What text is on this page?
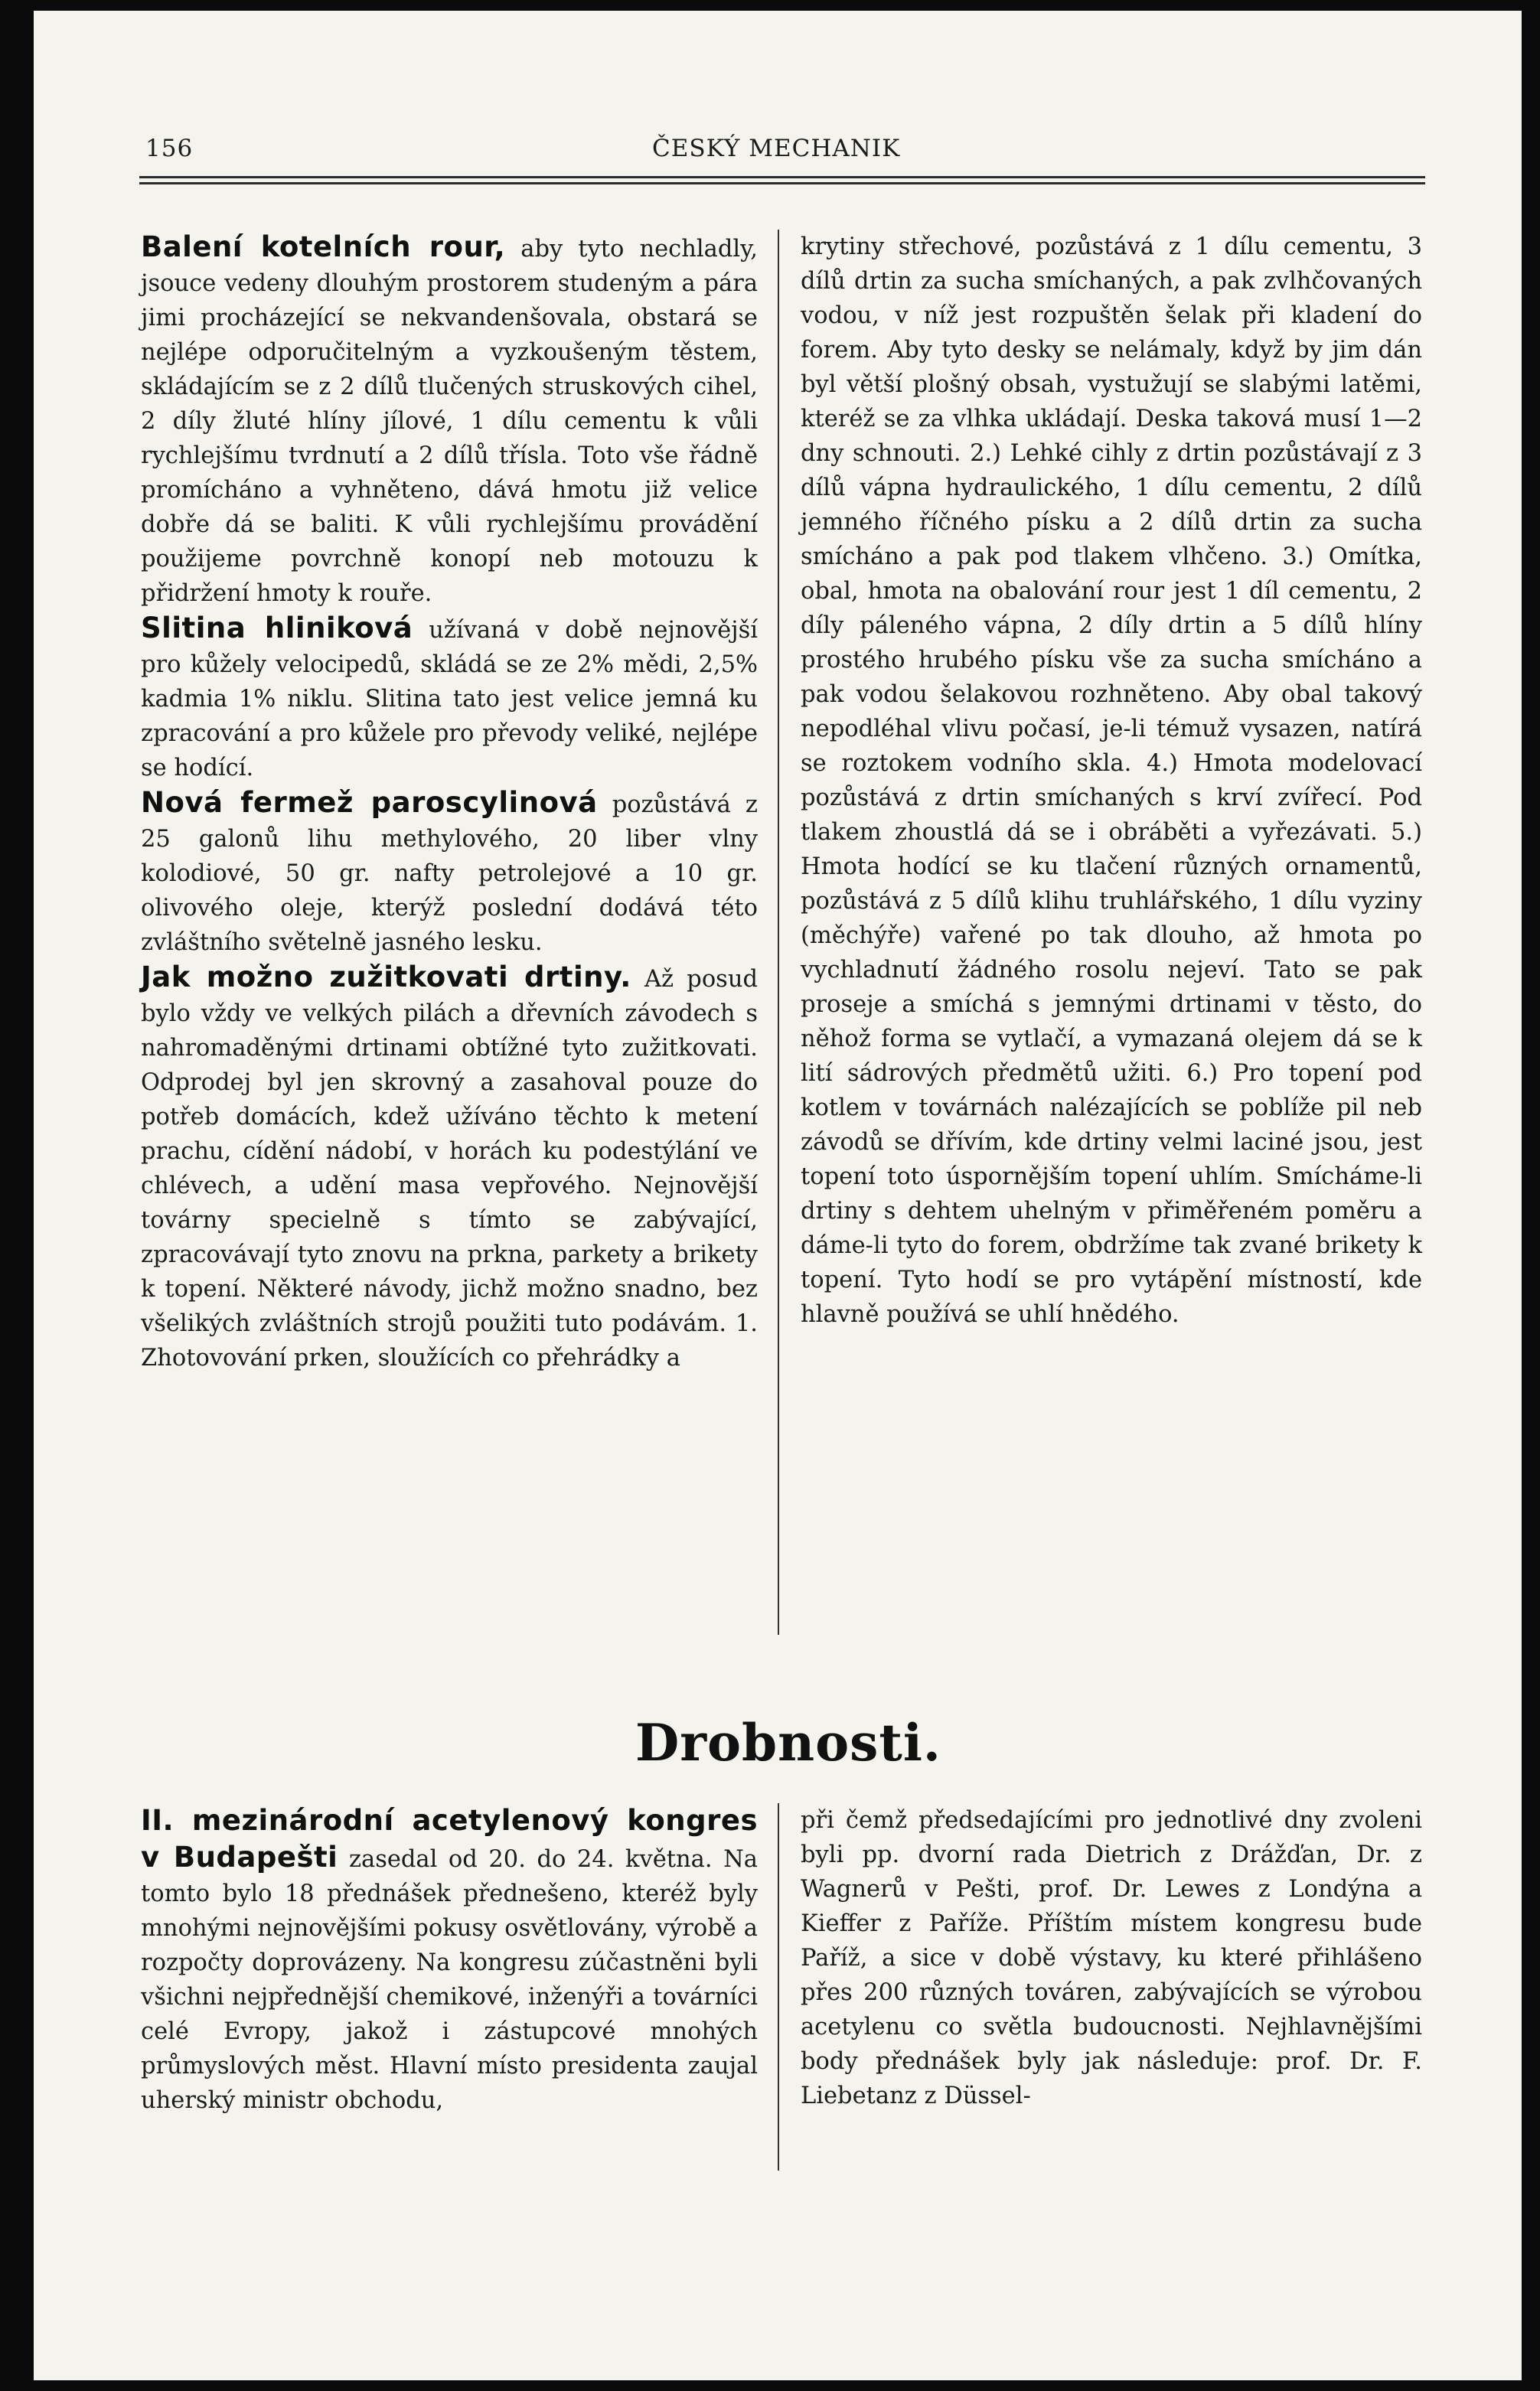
156	ČESKÝ MECHANIK

Balení kotelních rour, aby tyto nechladly, jsouce vedeny dlouhým prostorem studeným a pára jimi procházející se nekvandenšovala, obstará se nejlépe odporučitelným a vyzkoušeným těstem, skládajícím se z 2 dílů tlučených struskových cihel, 2 díly žluté hlíny jílové, 1 dílu cementu k vůli rychlejšímu tvrdnutí a 2 dílů třísla. Toto vše řádně promícháno a vyhněteno, dává hmotu již velice dobře dá se baliti. K vůli rychlejšímu provádění použijeme povrchně konopí neb motouzu k přidržení hmoty k rouře.

Slitina hliniková užívaná v době nejnovější pro kůžely velocipedů, skládá se ze 2% mědi, 2,5% kadmia 1% niklu. Slitina tato jest velice jemná ku zpracování a pro kůžele pro převody veliké, nejlépe se hodící.

Nová fermež paroscylinová pozůstává z 25 galonů lihu methylového, 20 liber vlny kolodiové, 50 gr. nafty petrolejové a 10 gr. olivového oleje, kterýž poslední dodává této zvláštního světelně jasného lesku.

Jak možno zužitkovati drtiny. Až posud bylo vždy ve velkých pilách a dřevních závodech s nahromaděnými drtinami obtížné tyto zužitkovati. Odprodej byl jen skrovný a zasahoval pouze do potřeb domácích, kdež užíváno těchto k metení prachu, cídění nádobí, v horách ku podestýlání ve chlévech, a udění masa vepřového. Nejnovější továrny specielně s tímto se zabývající, zpracovávají tyto znovu na prkna, parkety a brikety k topení. Některé návody, jichž možno snadno, bez všelikých zvláštních strojů použiti tuto podávám. 1. Zhotovování prken, sloužících co přehrádky a

krytiny střechové, pozůstává z 1 dílu cementu, 3 dílů drtin za sucha smíchaných, a pak zvlhčovaných vodou, v níž jest rozpuštěn šelak při kladení do forem. Aby tyto desky se nelámaly, když by jim dán byl větší plošný obsah, vystužují se slabými latěmi, kteréž se za vlhka ukládají. Deska taková musí 1—2 dny schnouti. 2.) Lehké cihly z drtin pozůstávají z 3 dílů vápna hydraulického, 1 dílu cementu, 2 dílů jemného říčného písku a 2 dílů drtin za sucha smícháno a pak pod tlakem vlhčeno. 3.) Omítka, obal, hmota na obalování rour jest 1 díl cementu, 2 díly páleného vápna, 2 díly drtin a 5 dílů hlíny prostého hrubého písku vše za sucha smícháno a pak vodou šelakovou rozhněteno. Aby obal takový nepodléhal vlivu počasí, je-li témuž vysazen, natírá se roztokem vodního skla. 4.) Hmota modelovací pozůstává z drtin smíchaných s krví zvířecí. Pod tlakem zhoustlá dá se i obráběti a vyřezávati. 5.) Hmota hodící se ku tlačení různých ornamentů, pozůstává z 5 dílů klihu truhlářského, 1 dílu vyziny (měchýře) vařené po tak dlouho, až hmota po vychladnutí žádného rosolu nejeví. Tato se pak proseje a smíchá s jemnými drtinami v těsto, do něhož forma se vytlačí, a vymazaná olejem dá se k lití sádrových předmětů užiti. 6.) Pro topení pod kotlem v továrnách nalézajících se poblíže pil neb závodů se dřívím, kde drtiny velmi laciné jsou, jest topení toto úspornějším topení uhlím. Smícháme-li drtiny s dehtem uhelným v přiměřeném poměru a dáme-li tyto do forem, obdržíme tak zvané brikety k topení. Tyto hodí se pro vytápění místností, kde hlavně používá se uhlí hnědého.

Drobnosti.

II. mezinárodní acetylenový kongres v Budapešti zasedal od 20. do 24. května. Na tomto bylo 18 přednášek přednešeno, kteréž byly mnohými nejnovějšími pokusy osvětlovány, výrobě a rozpočty doprovázeny. Na kongresu zúčastněni byli všichni nejpřednější chemikové, inženýři a továrníci celé Evropy, jakož i zástupcové mnohých průmyslových měst. Hlavní místo presidenta zaujal uherský ministr obchodu,

při čemž předsedajícími pro jednotlivé dny zvoleni byli pp. dvorní rada Dietrich z Drážďan, Dr. z Wagnerů v Pešti, prof. Dr. Lewes z Londýna a Kieffer z Paříže. Příštím místem kongresu bude Paříž, a sice v době výstavy, ku které přihlášeno přes 200 různých továren, zabývajících se výrobou acetylenu co světla budoucnosti. Nejhlavnějšími body přednášek byly jak následuje: prof. Dr. F. Liebetanz z Düssel-
